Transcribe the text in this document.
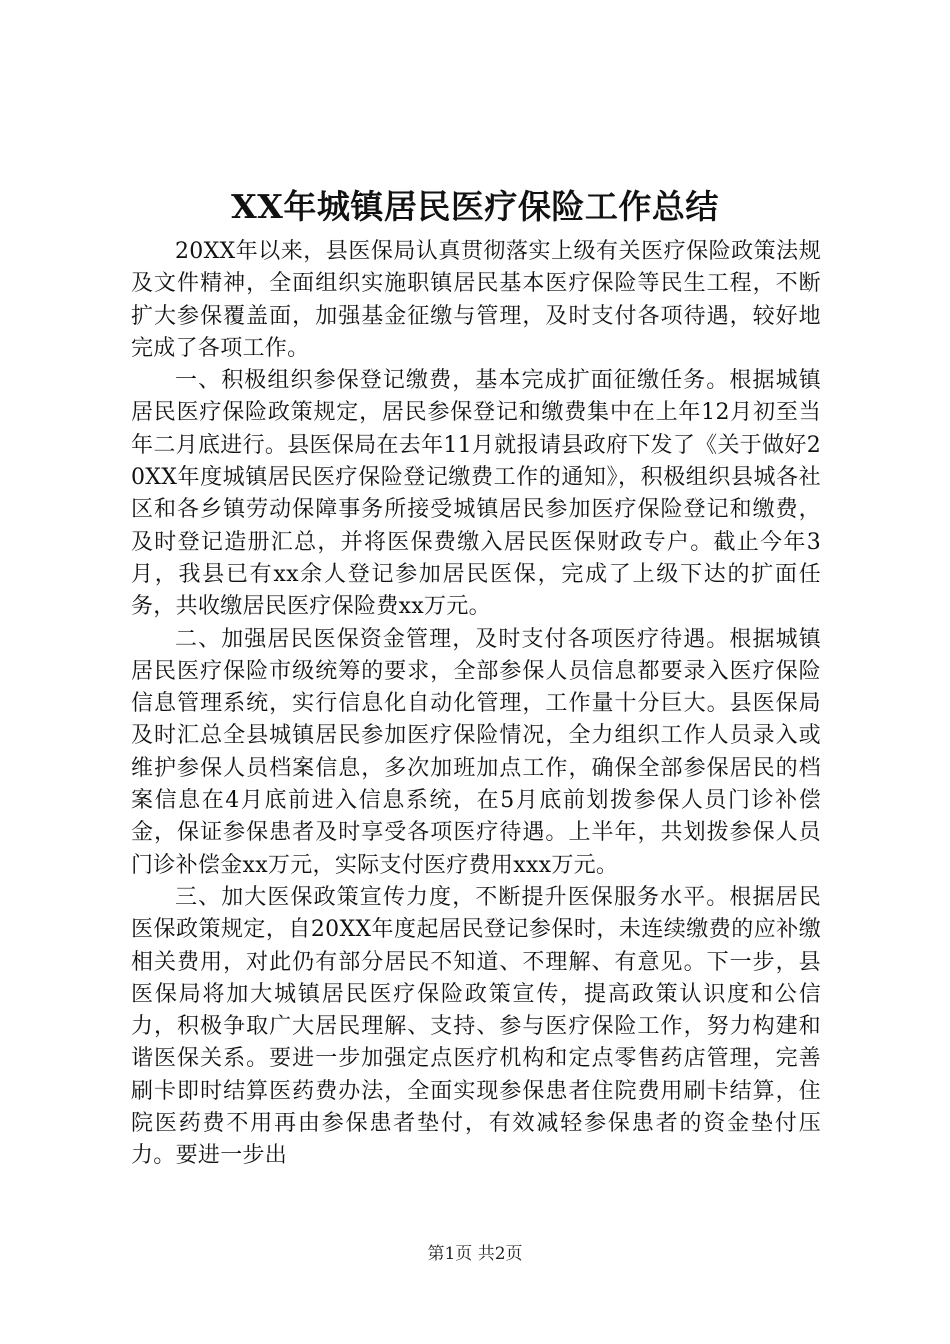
XX年城镇居民医疗保险工作总结

20XX年以来，县医保局认真贯彻落实上级有关医疗保险政策法规及文件精神，全面组织实施职镇居民基本医疗保险等民生工程，不断扩大参保覆盖面，加强基金征缴与管理，及时支付各项待遇，较好地完成了各项工作。

一、积极组织参保登记缴费，基本完成扩面征缴任务。根据城镇居民医疗保险政策规定，居民参保登记和缴费集中在上年12月初至当年二月底进行。县医保局在去年11月就报请县政府下发了《关于做好20XX年度城镇居民医疗保险登记缴费工作的通知》，积极组织县城各社区和各乡镇劳动保障事务所接受城镇居民参加医疗保险登记和缴费，及时登记造册汇总，并将医保费缴入居民医保财政专户。截止今年3月，我县已有xx余人登记参加居民医保，完成了上级下达的扩面任务，共收缴居民医疗保险费xx万元。

二、加强居民医保资金管理，及时支付各项医疗待遇。根据城镇居民医疗保险市级统筹的要求，全部参保人员信息都要录入医疗保险信息管理系统，实行信息化自动化管理，工作量十分巨大。县医保局及时汇总全县城镇居民参加医疗保险情况，全力组织工作人员录入或维护参保人员档案信息，多次加班加点工作，确保全部参保居民的档案信息在4月底前进入信息系统，在5月底前划拨参保人员门诊补偿金，保证参保患者及时享受各项医疗待遇。上半年，共划拨参保人员门诊补偿金xx万元，实际支付医疗费用xxx万元。

三、加大医保政策宣传力度，不断提升医保服务水平。根据居民医保政策规定，自20XX年度起居民登记参保时，未连续缴费的应补缴相关费用，对此仍有部分居民不知道、不理解、有意见。下一步，县医保局将加大城镇居民医疗保险政策宣传，提高政策认识度和公信力，积极争取广大居民理解、支持、参与医疗保险工作，努力构建和谐医保关系。要进一步加强定点医疗机构和定点零售药店管理，完善刷卡即时结算医药费办法，全面实现参保患者住院费用刷卡结算，住院医药费不用再由参保患者垫付，有效减轻参保患者的资金垫付压力。要进一步出

第1页 共2页
